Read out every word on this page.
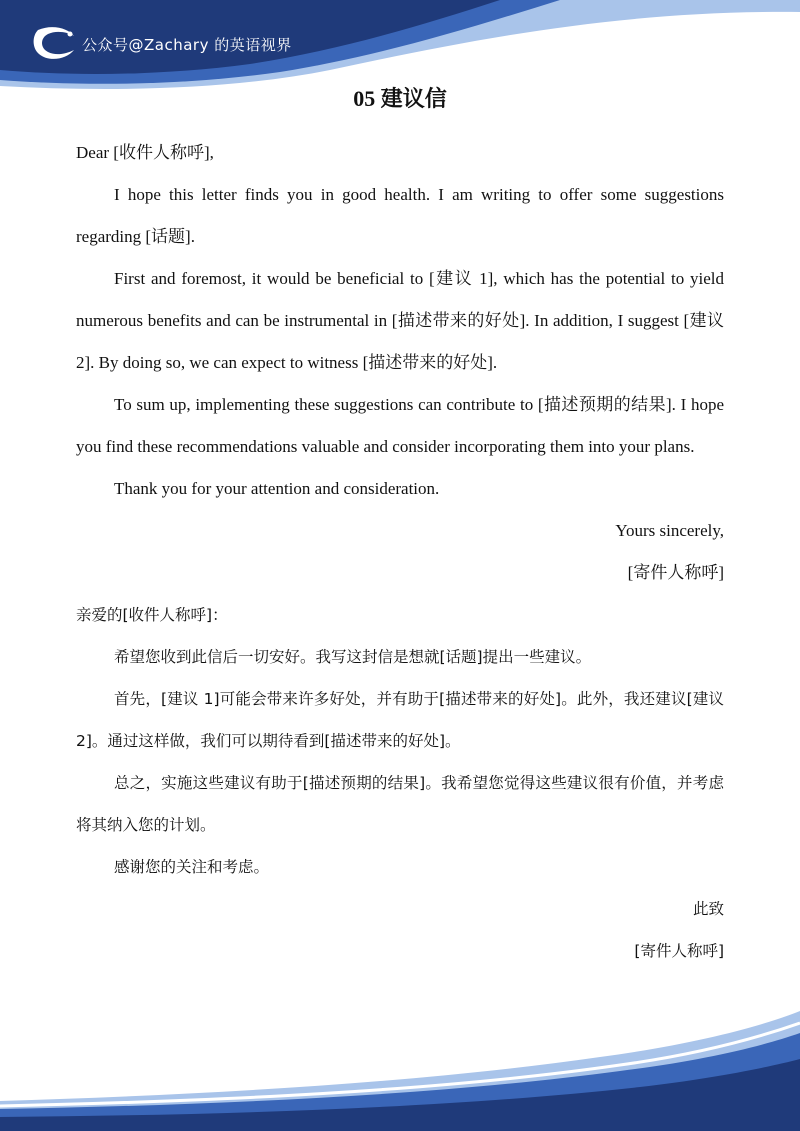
公众号@Zachary 的英语视界
05 建议信

Dear [收件人称呼],

I hope this letter finds you in good health. I am writing to offer some suggestions regarding [话题].

First and foremost, it would be beneficial to [建议 1], which has the potential to yield numerous benefits and can be instrumental in [描述带来的好处]. In addition, I suggest [建议 2]. By doing so, we can expect to witness [描述带来的好处].

To sum up, implementing these suggestions can contribute to [描述预期的结果]. I hope you find these recommendations valuable and consider incorporating them into your plans.

Thank you for your attention and consideration.

Yours sincerely,

[寄件人称呼]

亲爱的[收件人称呼]：

希望您收到此信后一切安好。我写这封信是想就[话题]提出一些建议。

首先，[建议 1]可能会带来许多好处，并有助于[描述带来的好处]。此外，我还建议[建议 2]。通过这样做，我们可以期待看到[描述带来的好处]。

总之，实施这些建议有助于[描述预期的结果]。我希望您觉得这些建议很有价值，并考虑将其纳入您的计划。

感谢您的关注和考虑。

此致

[寄件人称呼]
